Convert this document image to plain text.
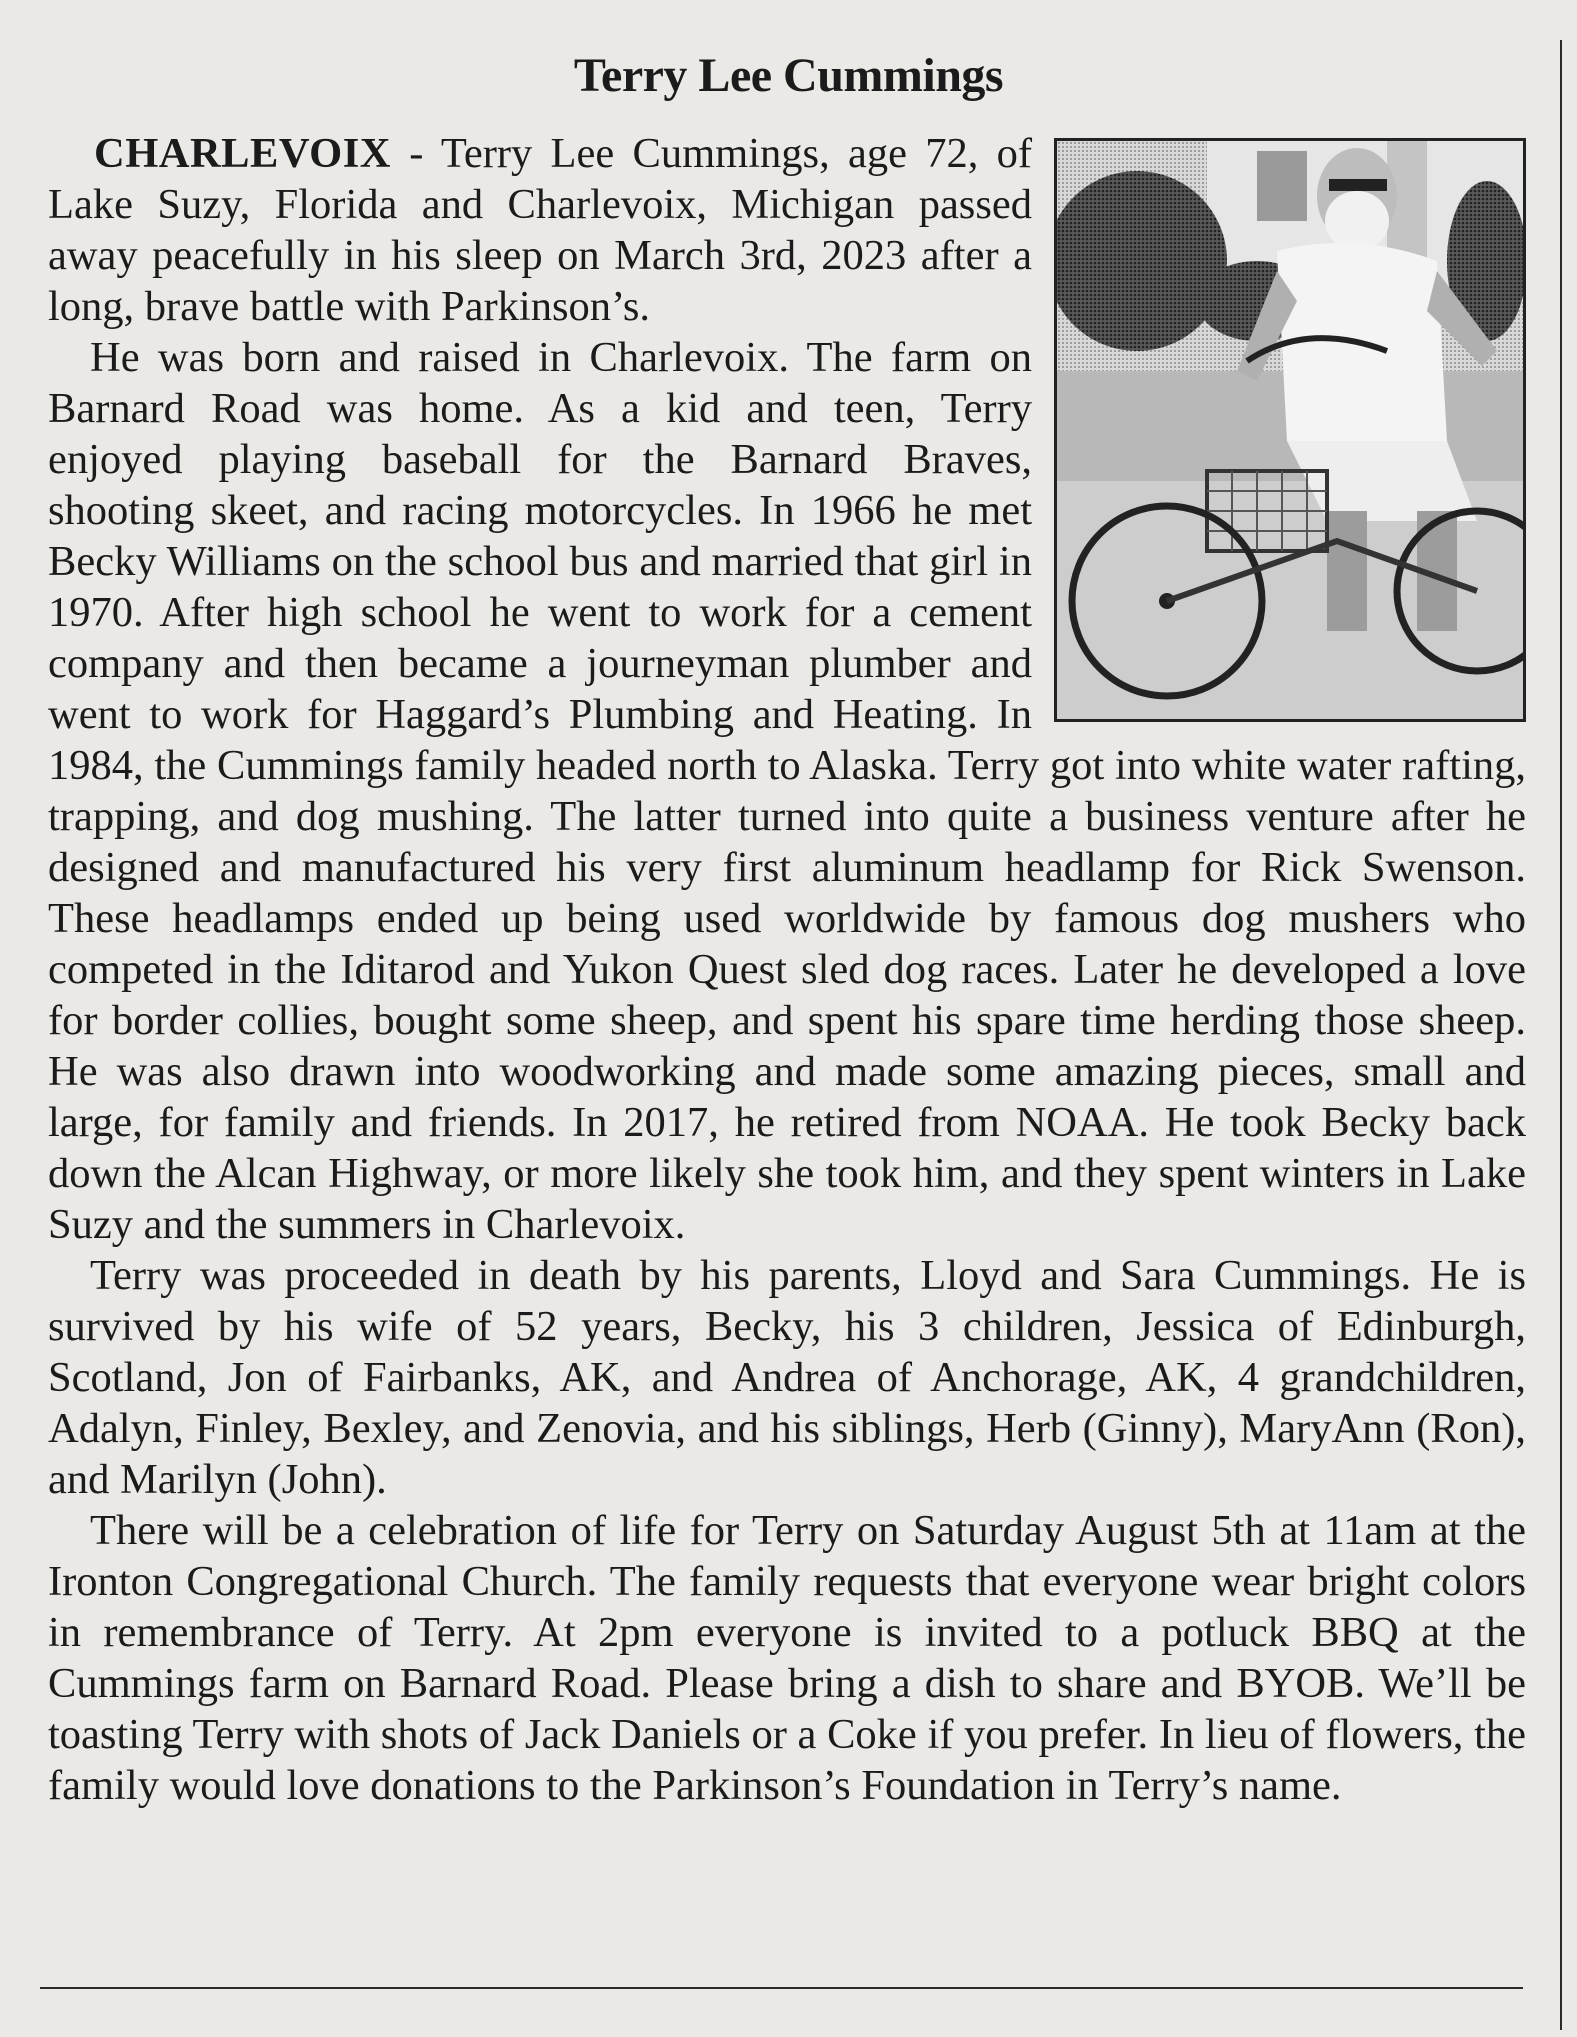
Terry Lee Cummings

CHARLEVOIX - Terry Lee Cummings, age 72, of Lake Suzy, Florida and Charlevoix, Michigan passed away peacefully in his sleep on March 3rd, 2023 after a long, brave battle with Parkinson’s.

He was born and raised in Charlevoix. The farm on Barnard Road was home. As a kid and teen, Terry enjoyed playing baseball for the Barnard Braves, shooting skeet, and racing motorcycles. In 1966 he met Becky Williams on the school bus and married that girl in 1970. After high school he went to work for a cement company and then became a journeyman plumber and went to work for Haggard’s Plumbing and Heating. In 1984, the Cummings family headed north to Alaska. Terry got into white water rafting, trapping, and dog mushing. The latter turned into quite a business venture after he designed and manufactured his very first aluminum headlamp for Rick Swenson. These headlamps ended up being used worldwide by famous dog mushers who competed in the Iditarod and Yukon Quest sled dog races. Later he developed a love for border collies, bought some sheep, and spent his spare time herding those sheep. He was also drawn into woodworking and made some amazing pieces, small and large, for family and friends. In 2017, he retired from NOAA. He took Becky back down the Alcan Highway, or more likely she took him, and they spent winters in Lake Suzy and the summers in Charlevoix.

Terry was proceeded in death by his parents, Lloyd and Sara Cummings. He is survived by his wife of 52 years, Becky, his 3 children, Jessica of Edinburgh, Scotland, Jon of Fairbanks, AK, and Andrea of Anchorage, AK, 4 grandchildren, Adalyn, Finley, Bexley, and Zenovia, and his siblings, Herb (Ginny), MaryAnn (Ron), and Marilyn (John).

There will be a celebration of life for Terry on Saturday August 5th at 11am at the Ironton Congregational Church. The family requests that everyone wear bright colors in remembrance of Terry. At 2pm everyone is invited to a potluck BBQ at the Cummings farm on Barnard Road. Please bring a dish to share and BYOB. We’ll be toasting Terry with shots of Jack Daniels or a Coke if you prefer. In lieu of flowers, the family would love donations to the Parkinson’s Foundation in Terry’s name.
